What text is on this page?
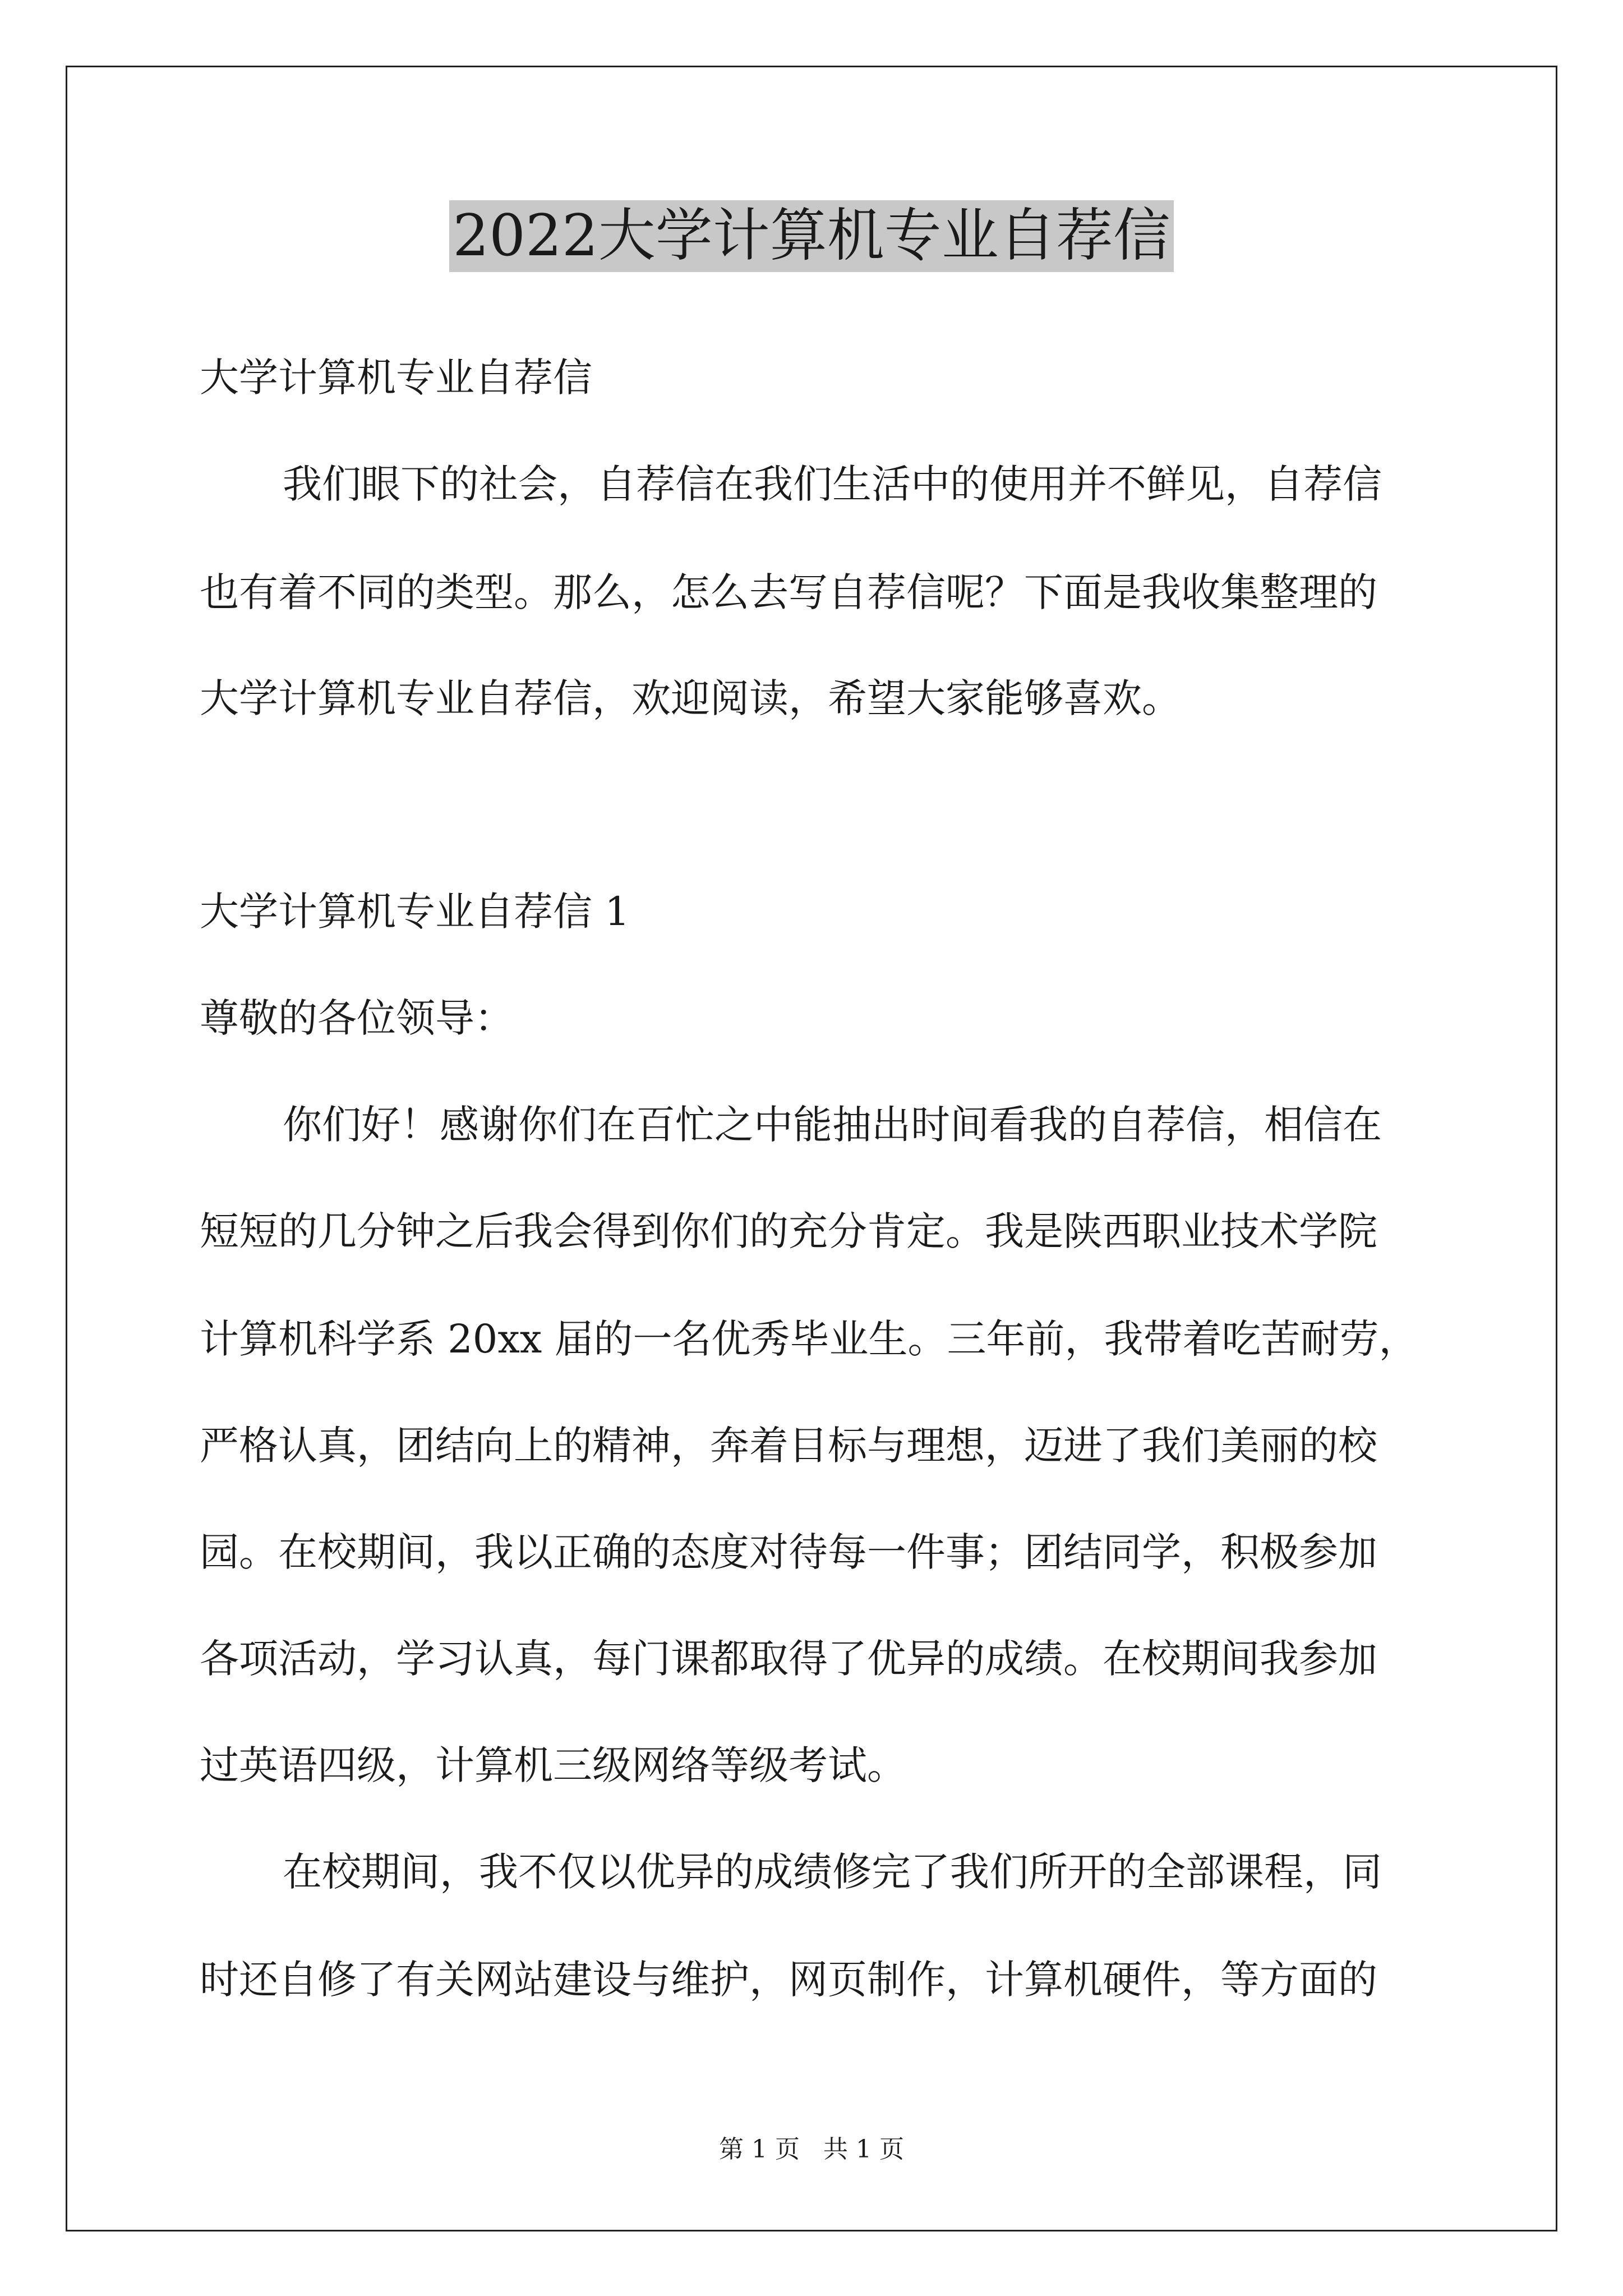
2022大学计算机专业自荐信
大学计算机专业自荐信
我们眼下的社会，自荐信在我们生活中的使用并不鲜见，自荐信
也有着不同的类型。那么，怎么去写自荐信呢？下面是我收集整理的
大学计算机专业自荐信，欢迎阅读，希望大家能够喜欢。
大学计算机专业自荐信 1
尊敬的各位领导：
你们好！感谢你们在百忙之中能抽出时间看我的自荐信，相信在
短短的几分钟之后我会得到你们的充分肯定。我是陕西职业技术学院
计算机科学系 20xx 届的一名优秀毕业生。三年前，我带着吃苦耐劳，
严格认真，团结向上的精神，奔着目标与理想，迈进了我们美丽的校
园。在校期间，我以正确的态度对待每一件事；团结同学，积极参加
各项活动，学习认真，每门课都取得了优异的成绩。在校期间我参加
过英语四级，计算机三级网络等级考试。
在校期间，我不仅以优异的成绩修完了我们所开的全部课程，同
时还自修了有关网站建设与维护，网页制作，计算机硬件，等方面的
第 1 页   共 1 页
